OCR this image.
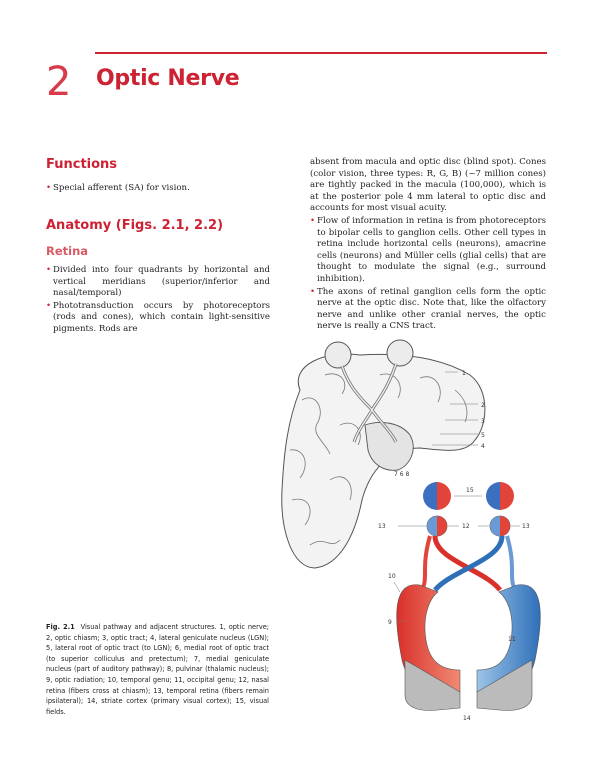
2 Optic Nerve
Functions
• Special afferent (SA) for vision.
Anatomy (Figs. 2.1, 2.2)
Retina
• Divided into four quadrants by horizontal and vertical meridians (superior/inferior and nasal/temporal)
• Phototransduction occurs by photoreceptors (rods and cones), which contain light-sensitive pigments. Rods are

absent from macula and optic disc (blind spot). Cones (color vision, three types: R, G, B) (~7 million cones) are tightly packed in the macula (100,000), which is at the posterior pole 4 mm lateral to optic disc and accounts for most visual acuity.

• Flow of information in retina is from photoreceptors to bipolar cells to ganglion cells. Other cell types in retina include horizontal cells (neurons), amacrine cells (neurons) and Müller cells (glial cells) that are thought to modulate the signal (e.g., surround inhibition).
• The axons of retinal ganglion cells form the optic nerve at the optic disc. Note that, like the olfactory nerve and unlike other cranial nerves, the optic nerve is really a CNS tract.
1
2
3
5
4
7 6 8
15
13	12	13
10
9
11
14
Fig. 2.1 Visual pathway and adjacent structures. 1, optic nerve; 2, optic chiasm; 3, optic tract; 4, lateral geniculate nucleus (LGN); 5, lateral root of optic tract (to LGN); 6, medial root of optic tract (to superior colliculus and pretectum); 7, medial geniculate nucleus (part of auditory pathway); 8, pulvinar (thalamic nucleus); 9, optic radiation; 10, temporal genu; 11, occipital genu; 12, nasal retina (fibers cross at chiasm); 13, temporal retina (fibers remain ipsilateral); 14, striate cortex (primary visual cortex); 15, visual fields.
